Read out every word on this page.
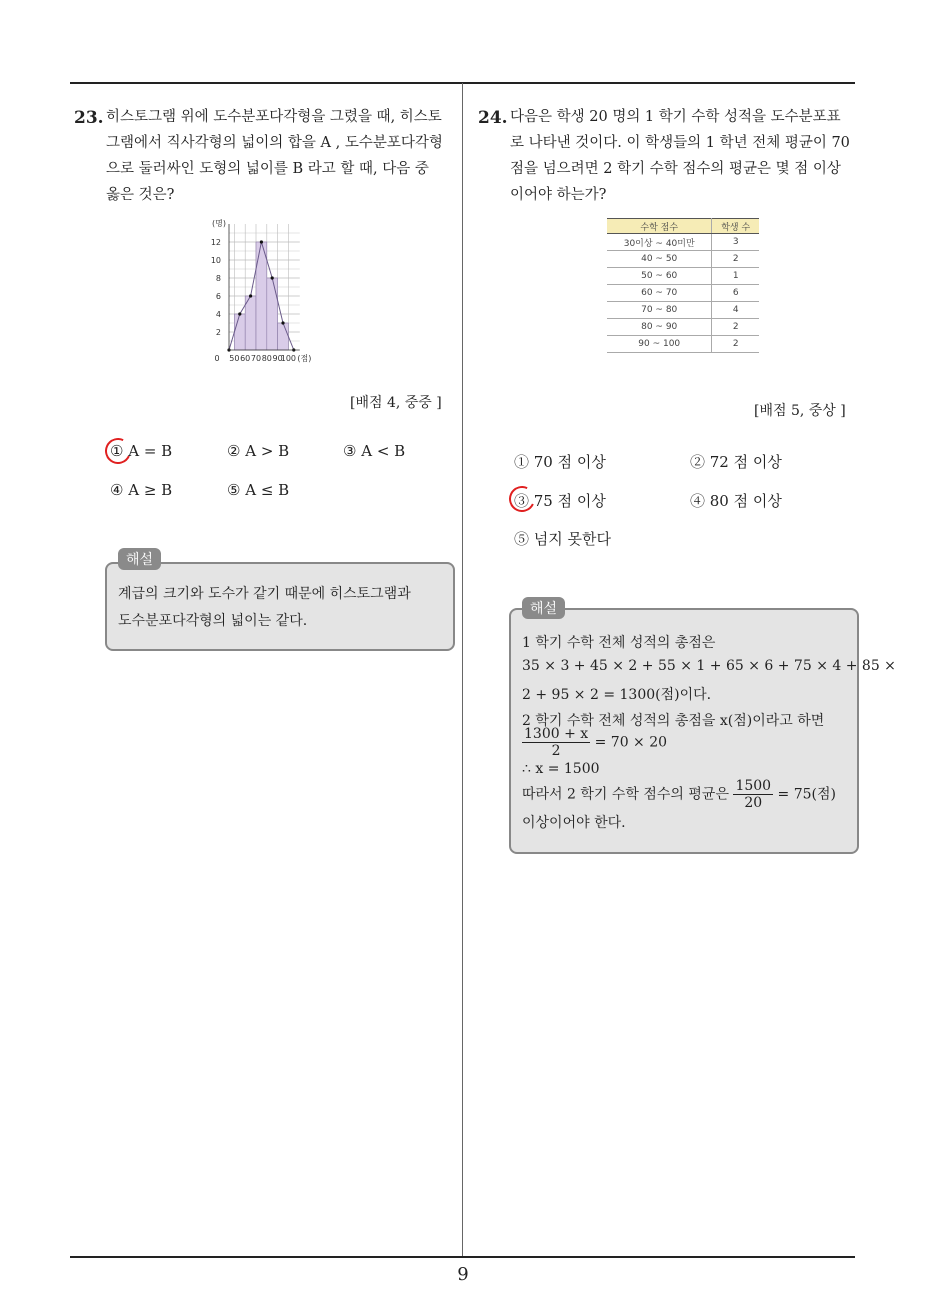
23. 히스토그램 위에 도수분포다각형을 그렸을 때, 히스토
그램에서 직사각형의 넓이의 합을 A , 도수분포다각형
으로 둘러싸인 도형의 넓이를 B 라고 할 때, 다음 중
옳은 것은?
12
10
8
6
4
2
(명)
0 50 60 70 80 90
100 (점)
[배점 4, 중중 ]
① A = B	② A > B	③ A < B
④ A ≥ B	⑤ A ≤ B
해설
계급의 크기와 도수가 같기 때문에 히스토그램과
도수분포다각형의 넓이는 같다.
24. 다음은 학생 20 명의 1 학기 수학 성적을 도수분포표
로 나타낸 것이다. 이 학생들의 1 학년 전체 평균이 70
점을 넘으려면 2 학기 수학 점수의 평균은 몇 점 이상
이어야 하는가?
수학 점수	학생 수
30이상 ~ 40미만	3
40 ~ 50	2
50 ~ 60	1
60 ~ 70	6
70 ~ 80	4
80 ~ 90	2
90 ~ 100	2
[배점 5, 중상 ]
① 70 점 이상	② 72 점 이상
③ 75 점 이상	④ 80 점 이상
⑤ 넘지 못한다
해설
1 학기 수학 전체 성적의 총점은
35 × 3 + 45 × 2 + 55 × 1 + 65 × 6 + 75 × 4 + 85 ×
2 + 95 × 2 = 1300(점)이다.
2 학기 수학 전체 성적의 총점을 x(점)이라고 하면
$\frac{1300 + x}{2} = 70 \times 20$
∴ x = 1500
따라서 2 학기 수학 점수의 평균은 $\frac{1500}{20} = 75$(점)
이상이어야 한다.
9
